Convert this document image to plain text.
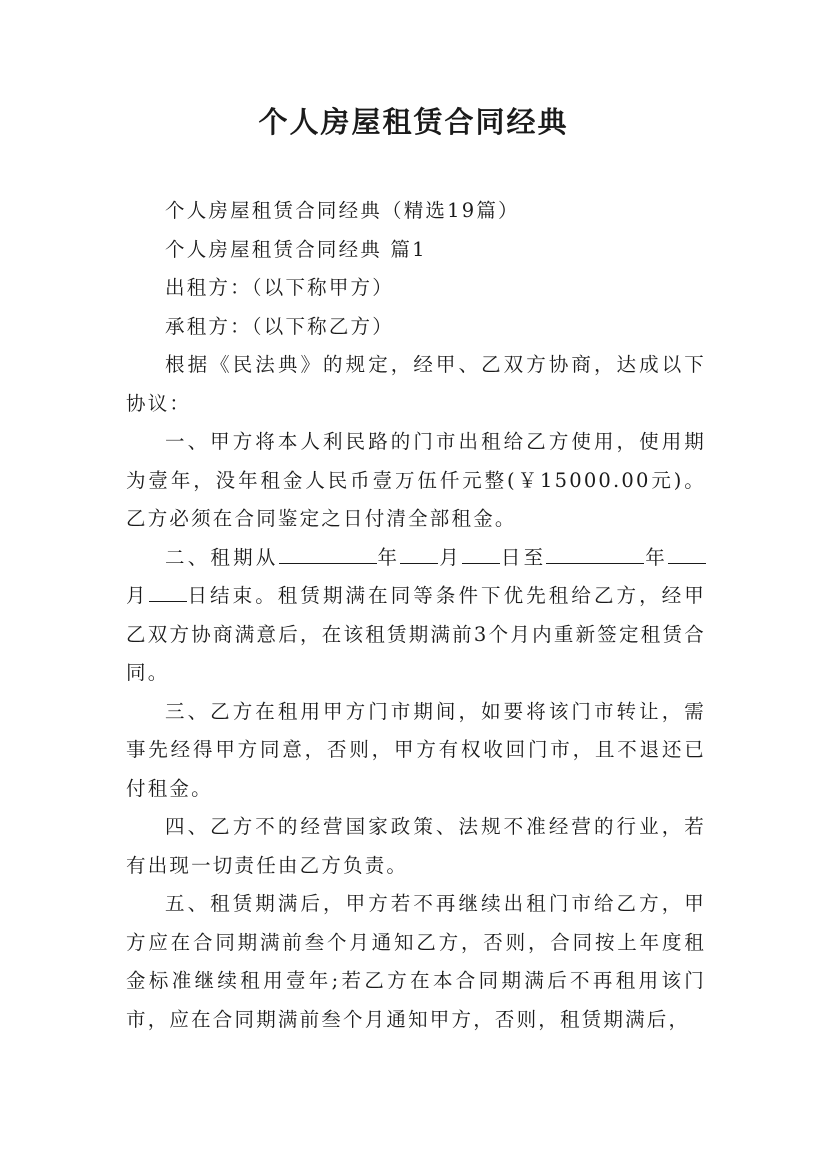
个人房屋租赁合同经典

个人房屋租赁合同经典（精选19篇）

个人房屋租赁合同经典 篇1

出租方：（以下称甲方）

承租方：（以下称乙方）

根据《民法典》的规定，经甲、乙双方协商，达成以下协议：

一、甲方将本人利民路的门市出租给乙方使用，使用期为壹年，没年租金人民币壹万伍仟元整(￥15000.00元)。乙方必须在合同鉴定之日付清全部租金。

二、租期从	年 月 日至	年月 日结束。租赁期满在同等条件下优先租给乙方，经甲乙双方协商满意后，在该租赁期满前3个月内重新签定租赁合同。

三、乙方在租用甲方门市期间，如要将该门市转让，需事先经得甲方同意，否则，甲方有权收回门市，且不退还已付租金。

四、乙方不的经营国家政策、法规不准经营的行业，若有出现一切责任由乙方负责。

五、租赁期满后，甲方若不再继续出租门市给乙方，甲方应在合同期满前叁个月通知乙方，否则，合同按上年度租金标准继续租用壹年;若乙方在本合同期满后不再租用该门市，应在合同期满前叁个月通知甲方，否则，租赁期满后，
